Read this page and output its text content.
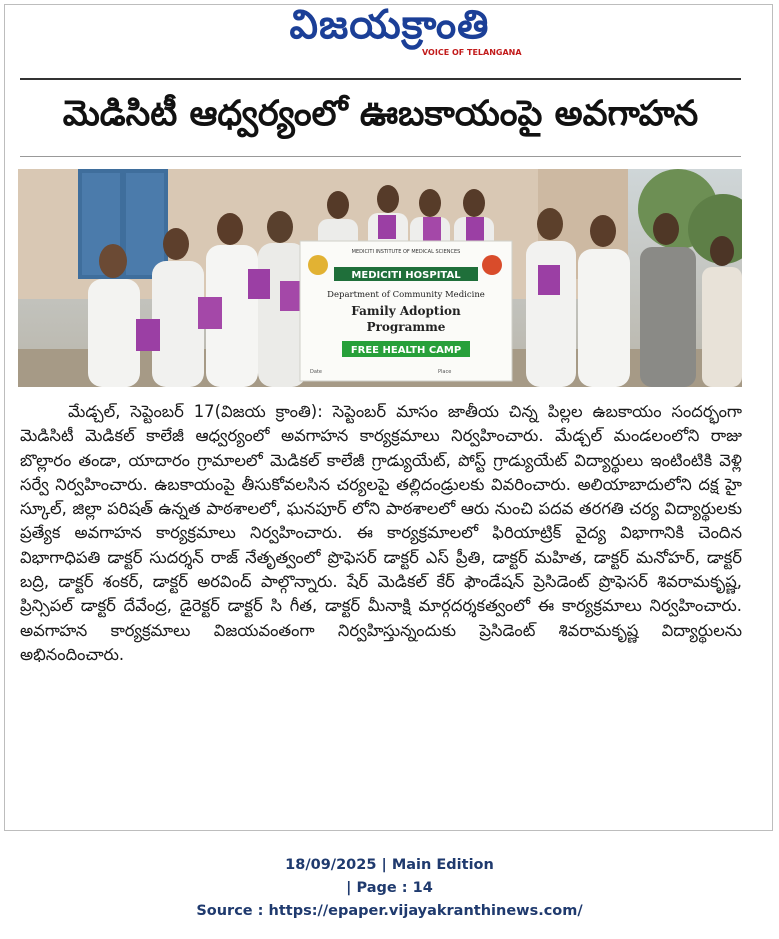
విజయక్రాంతి
VOICE OF TELANGANA
మెడిసిటీ ఆధ్వర్యంలో ఊబకాయంపై అవగాహన
MEDICITI INSTITUTE OF MEDICAL SCIENCES
MEDICITI HOSPITAL
Department of Community Medicine
Family Adoption
Programme
FREE HEALTH CAMP
Date	Place

మేడ్చల్, సెప్టెంబర్ 17(విజయ క్రాంతి): సెప్టెంబర్ మాసం జాతీయ చిన్న పిల్లల ఉబకాయం సందర్భంగా మెడిసిటీ మెడికల్ కాలేజీ ఆధ్వర్యంలో అవగాహన కార్యక్రమాలు నిర్వహించారు. మేడ్చల్ మండలంలోని రాజు బొల్లారం తండా, యాదారం గ్రామాలలో మెడికల్ కాలేజీ గ్రాడ్యుయేట్, పోస్ట్ గ్రాడ్యుయేట్ విద్యార్థులు ఇంటింటికి వెళ్లి సర్వే నిర్వహించారు. ఉబకాయంపై తీసుకోవలసిన చర్యలపై తల్లిదండ్రులకు వివరించారు. అలియాబాదులోని దక్ష హై స్కూల్, జిల్లా పరిషత్ ఉన్నత పాఠశాలలో, ఘనపూర్ లోని పాఠశాలలో ఆరు నుంచి పదవ తరగతి చర్య విద్యార్థులకు ప్రత్యేక అవగాహన కార్యక్రమాలు నిర్వహించారు. ఈ కార్యక్రమాలలో ఫిరియాట్రిక్ వైద్య విభాగానికి చెందిన విభాగాధిపతి డాక్టర్ సుదర్శన్ రాజ్ నేతృత్వంలో ప్రొఫెసర్ డాక్టర్ ఎస్ ప్రీతి, డాక్టర్ మహిత, డాక్టర్ మనోహర్, డాక్టర్ బద్రి, డాక్టర్ శంకర్, డాక్టర్ అరవింద్ పాల్గొన్నారు. షేర్ మెడికల్ కేర్ ఫౌండేషన్ ప్రెసిడెంట్ ప్రొఫెసర్ శివరామకృష్ణ, ప్రిన్సిపల్ డాక్టర్ దేవేంద్ర, డైరెక్టర్ డాక్టర్ సి గీత, డాక్టర్ మీనాక్షి మార్గదర్శకత్వంలో ఈ కార్యక్రమాలు నిర్వహించారు. అవగాహన కార్యక్రమాలు విజయవంతంగా నిర్వహిస్తున్నందుకు ప్రెసిడెంట్ శివరామకృష్ణ విద్యార్థులను అభినందించారు.

18/09/2025 | Main Edition
| Page : 14
Source : https://epaper.vijayakranthinews.com/
